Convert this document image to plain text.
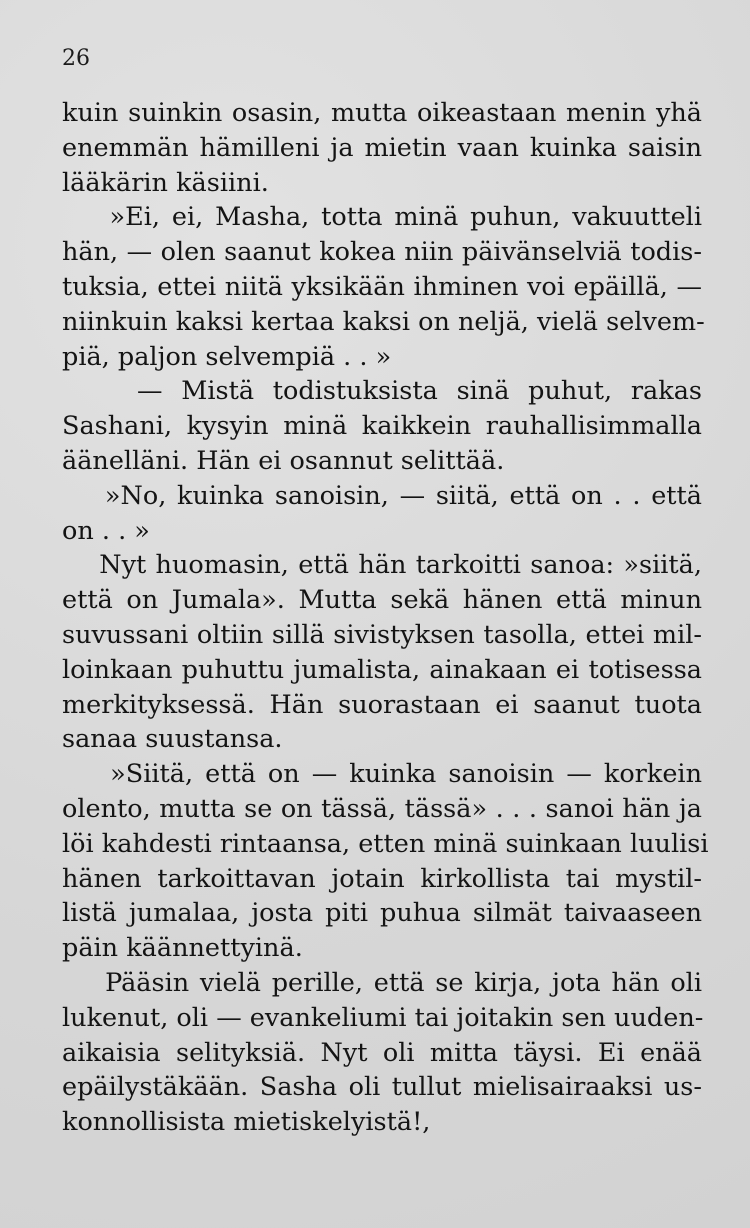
26
kuin suinkin osasin, mutta oikeastaan menin yhä
enemmän hämilleni ja mietin vaan kuinka saisin
lääkärin käsiini.
»Ei, ei, Masha, totta minä puhun, vakuutteli
hän, — olen saanut kokea niin päivänselviä todis-
tuksia, ettei niitä yksikään ihminen voi epäillä, —
niinkuin kaksi kertaa kaksi on neljä, vielä selvem-
piä, paljon selvempiä . . »
— Mistä todistuksista sinä puhut, rakas
Sashani, kysyin minä kaikkein rauhallisimmalla
äänelläni. Hän ei osannut selittää.
»No, kuinka sanoisin, — siitä, että on . . että
on . . »
Nyt huomasin, että hän tarkoitti sanoa: »siitä,
että on Jumala». Mutta sekä hänen että minun
suvussani oltiin sillä sivistyksen tasolla, ettei mil-
loinkaan puhuttu jumalista, ainakaan ei totisessa
merkityksessä. Hän suorastaan ei saanut tuota
sanaa suustansa.
»Siitä, että on — kuinka sanoisin — korkein
olento, mutta se on tässä, tässä» . . . sanoi hän ja
löi kahdesti rintaansa, etten minä suinkaan luulisi
hänen tarkoittavan jotain kirkollista tai mystil-
listä jumalaa, josta piti puhua silmät taivaaseen
päin käännettyinä.
Pääsin vielä perille, että se kirja, jota hän oli
lukenut, oli — evankeliumi tai joitakin sen uuden-
aikaisia selityksiä. Nyt oli mitta täysi. Ei enää
epäilystäkään. Sasha oli tullut mielisairaaksi us-
konnollisista mietiskelyistä!,
